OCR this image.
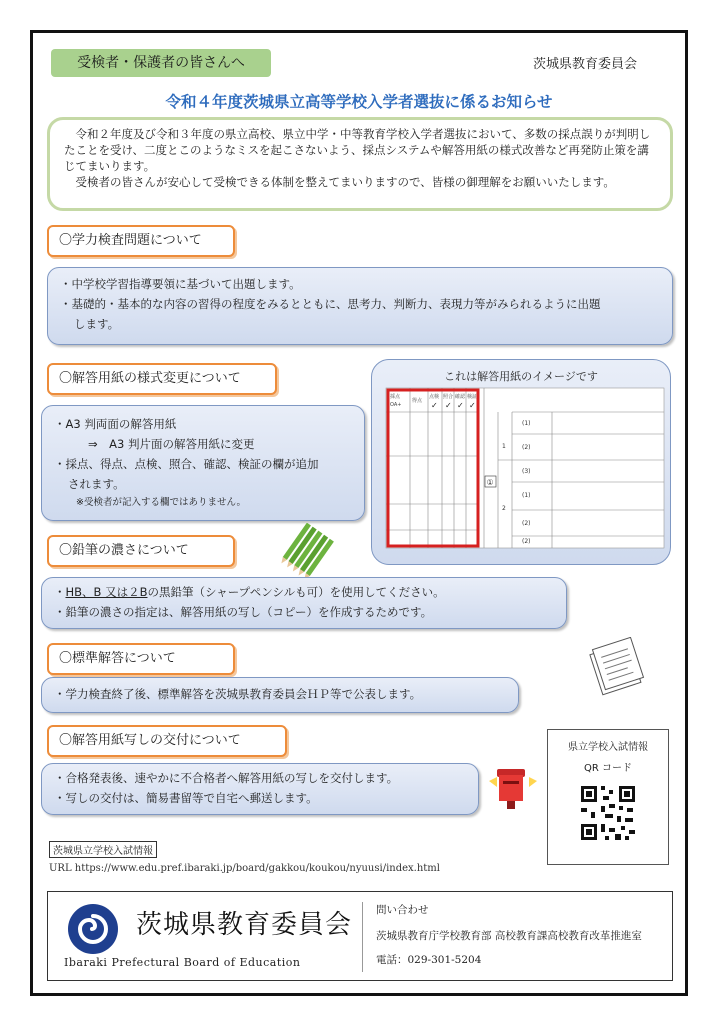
受検者・保護者の皆さんへ	茨城県教育委員会
令和４年度茨城県立高等学校入学者選抜に係るお知らせ

令和２年度及び令和３年度の県立高校、県立中学・中等教育学校入学者選抜において、多数の採点誤りが判明したことを受け、二度とこのようなミスを起こさないよう、採点システムや解答用紙の様式改善など再発防止策を講じてまいります。

受検者の皆さんが安心して受検できる体制を整えてまいりますので、皆様の御理解をお願いいたします。

〇学力検査問題について
・中学校学習指導要領に基づいて出題します。
・基礎的・基本的な内容の習得の程度をみるとともに、思考力、判断力、表現力等がみられるように出題
します。
〇解答用紙の様式変更について
・A3 判両面の解答用紙
⇒　A3 判片面の解答用紙に変更
・採点、得点、点検、照合、確認、検証の欄が追加
されます。
※受検者が記入する欄ではありません。
これは解答用紙のイメージです
採点
OA+
得点
点検 照合 確認 検証
✓ ✓ ✓ ✓
(1)
(2)
(3)
(1)
(2)
(2)
1
2
①
〇鉛筆の濃さについて
・HB、B 又は２Bの黒鉛筆（シャープペンシルも可）を使用してください。
・鉛筆の濃さの指定は、解答用紙の写し（コピー）を作成するためです。
〇標準解答について
・学力検査終了後、標準解答を茨城県教育委員会ＨＰ等で公表します。
〇解答用紙写しの交付について
・合格発表後、速やかに不合格者へ解答用紙の写しを交付します。
・写しの交付は、簡易書留等で自宅へ郵送します。
県立学校入試情報
QR コード
茨城県立学校入試情報
URL https://www.edu.pref.ibaraki.jp/board/gakkou/koukou/nyuusi/index.html
茨城県教育委員会
Ibaraki Prefectural Board of Education
問い合わせ
茨城県教育庁学校教育部 高校教育課高校教育改革推進室
電話：029-301-5204
